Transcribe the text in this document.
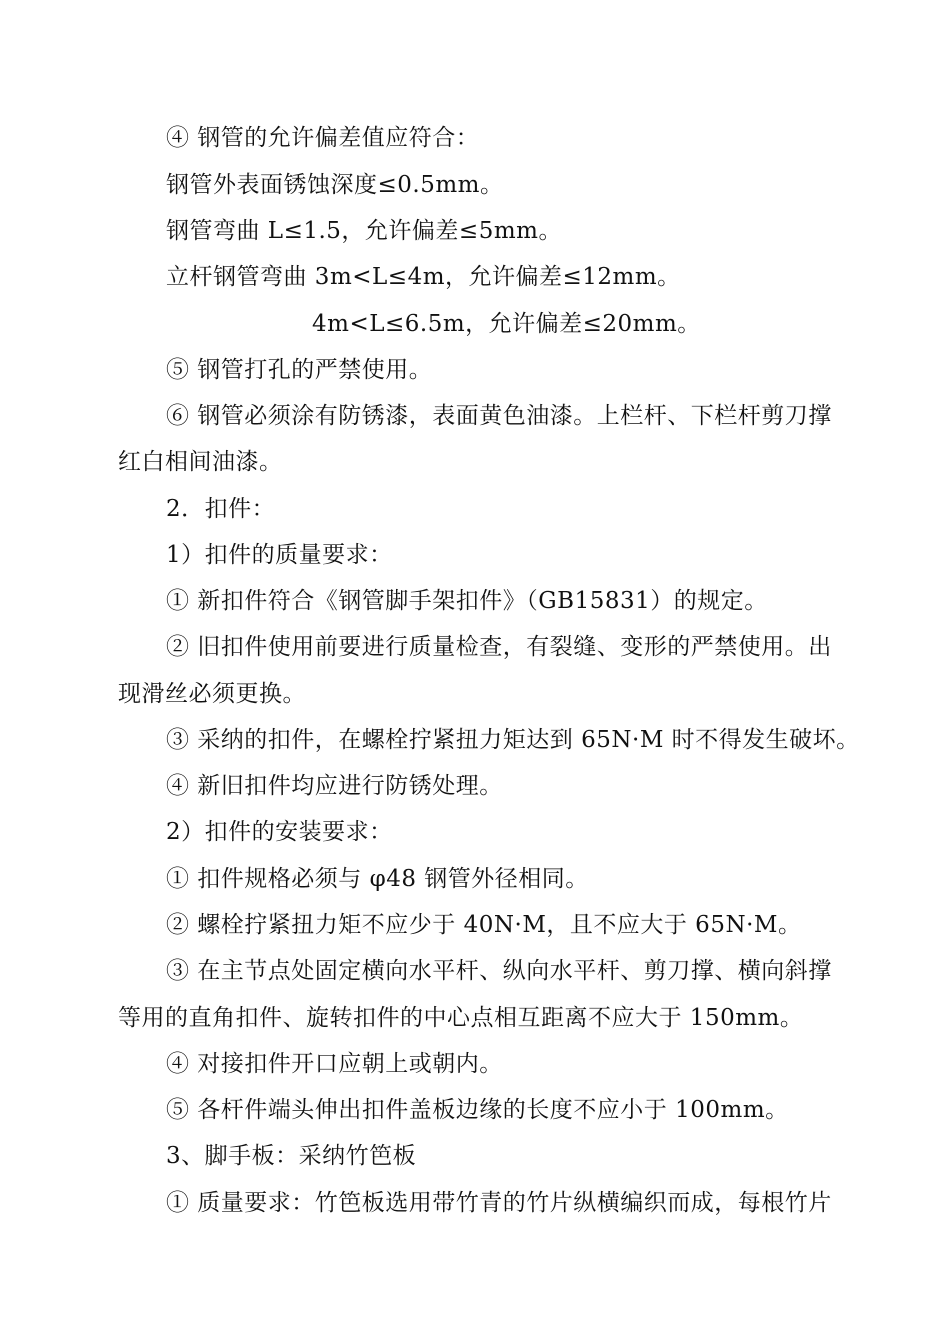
④ 钢管的允许偏差值应符合：
钢管外表面锈蚀深度≤0.5mm。
钢管弯曲 L≤1.5，允许偏差≤5mm。
立杆钢管弯曲 3m<L≤4m，允许偏差≤12mm。
4m<L≤6.5m，允许偏差≤20mm。
⑤ 钢管打孔的严禁使用。
⑥ 钢管必须涂有防锈漆，表面黄色油漆。上栏杆、下栏杆剪刀撑
红白相间油漆。
2．扣件：
1）扣件的质量要求：
① 新扣件符合《钢管脚手架扣件》（GB15831）的规定。
② 旧扣件使用前要进行质量检查，有裂缝、变形的严禁使用。出
现滑丝必须更换。
③ 采纳的扣件，在螺栓拧紧扭力矩达到 65N·M 时不得发生破坏。
④ 新旧扣件均应进行防锈处理。
2）扣件的安装要求：
① 扣件规格必须与 φ48 钢管外径相同。
② 螺栓拧紧扭力矩不应少于 40N·M，且不应大于 65N·M。
③ 在主节点处固定横向水平杆、纵向水平杆、剪刀撑、横向斜撑
等用的直角扣件、旋转扣件的中心点相互距离不应大于 150mm。
④ 对接扣件开口应朝上或朝内。
⑤ 各杆件端头伸出扣件盖板边缘的长度不应小于 100mm。
3、脚手板：采纳竹笆板
① 质量要求：竹笆板选用带竹青的竹片纵横编织而成，每根竹片
